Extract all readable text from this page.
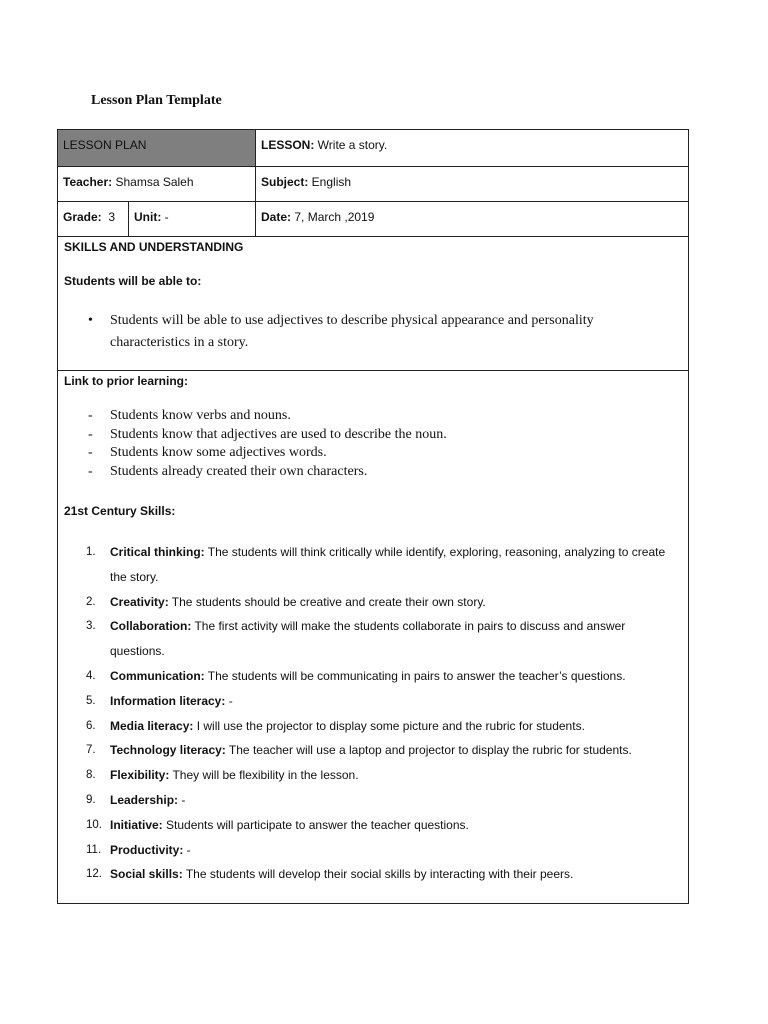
Lesson Plan Template
LESSON PLAN	LESSON: Write a story.
Teacher: Shamsa Saleh	Subject: English
Grade:  3	Unit: -	Date: 7, March ,2019

SKILLS AND UNDERSTANDING

Students will be able to:

• Students will be able to use adjectives to describe physical appearance and personality characteristics in a story.

Link to prior learning:

- Students know verbs and nouns.
- Students know that adjectives are used to describe the noun.
- Students know some adjectives words.
- Students already created their own characters.

21st Century Skills:

1. Critical thinking: The students will think critically while identify, exploring, reasoning, analyzing to create the story.
2. Creativity: The students should be creative and create their own story.
3. Collaboration: The first activity will make the students collaborate in pairs to discuss and answer questions.
4. Communication: The students will be communicating in pairs to answer the teacher’s questions.
5. Information literacy: -
6. Media literacy: I will use the projector to display some picture and the rubric for students.
7. Technology literacy: The teacher will use a laptop and projector to display the rubric for students.
8. Flexibility: They will be flexibility in the lesson.
9. Leadership: -
10. Initiative: Students will participate to answer the teacher questions.
11. Productivity: -
12. Social skills: The students will develop their social skills by interacting with their peers.
